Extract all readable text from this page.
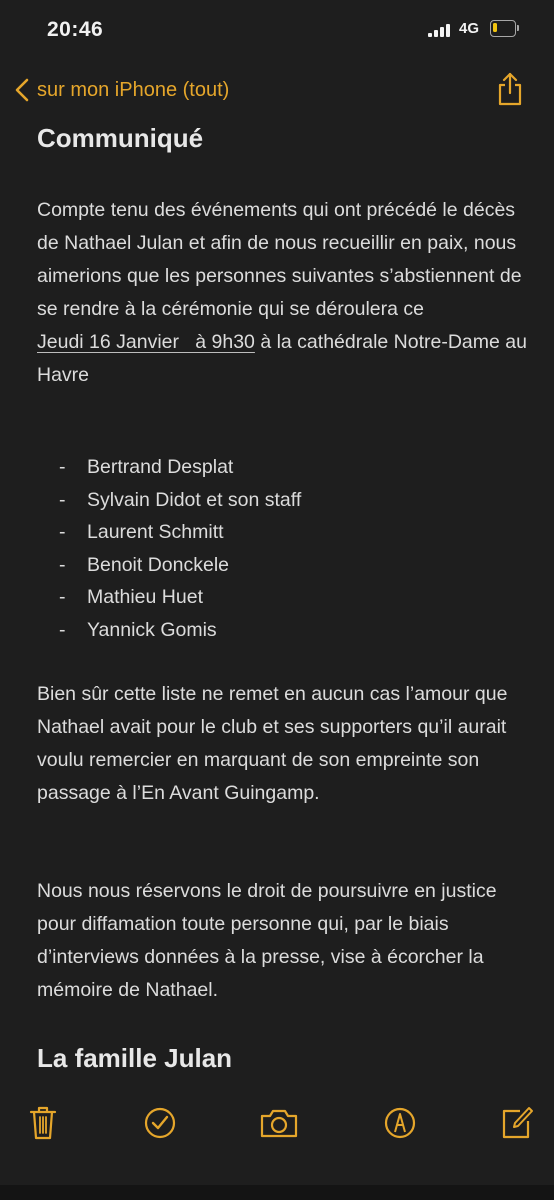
20:46	4G
sur mon iPhone (tout)
Communiqué

Compte tenu des événements qui ont précédé le décès de Nathael Julan et afin de nous recueillir en paix, nous aimerions que les personnes suivantes s’abstiennent de se rendre à la cérémonie qui se déroulera ce Jeudi 16 Janvier   à 9h30 à la cathédrale Notre-Dame au Havre

-	Bertrand Desplat
-	Sylvain Didot et son staff
-	Laurent Schmitt
-	Benoit Donckele
-	Mathieu Huet
-	Yannick Gomis

Bien sûr cette liste ne remet en aucun cas l’amour que Nathael avait pour le club et ses supporters qu’il aurait voulu remercier en marquant de son empreinte son passage à l’En Avant Guingamp.

Nous nous réservons le droit de poursuivre en justice pour diffamation toute personne qui, par le biais d’interviews données à la presse, vise à écorcher la mémoire de Nathael.

La famille Julan
